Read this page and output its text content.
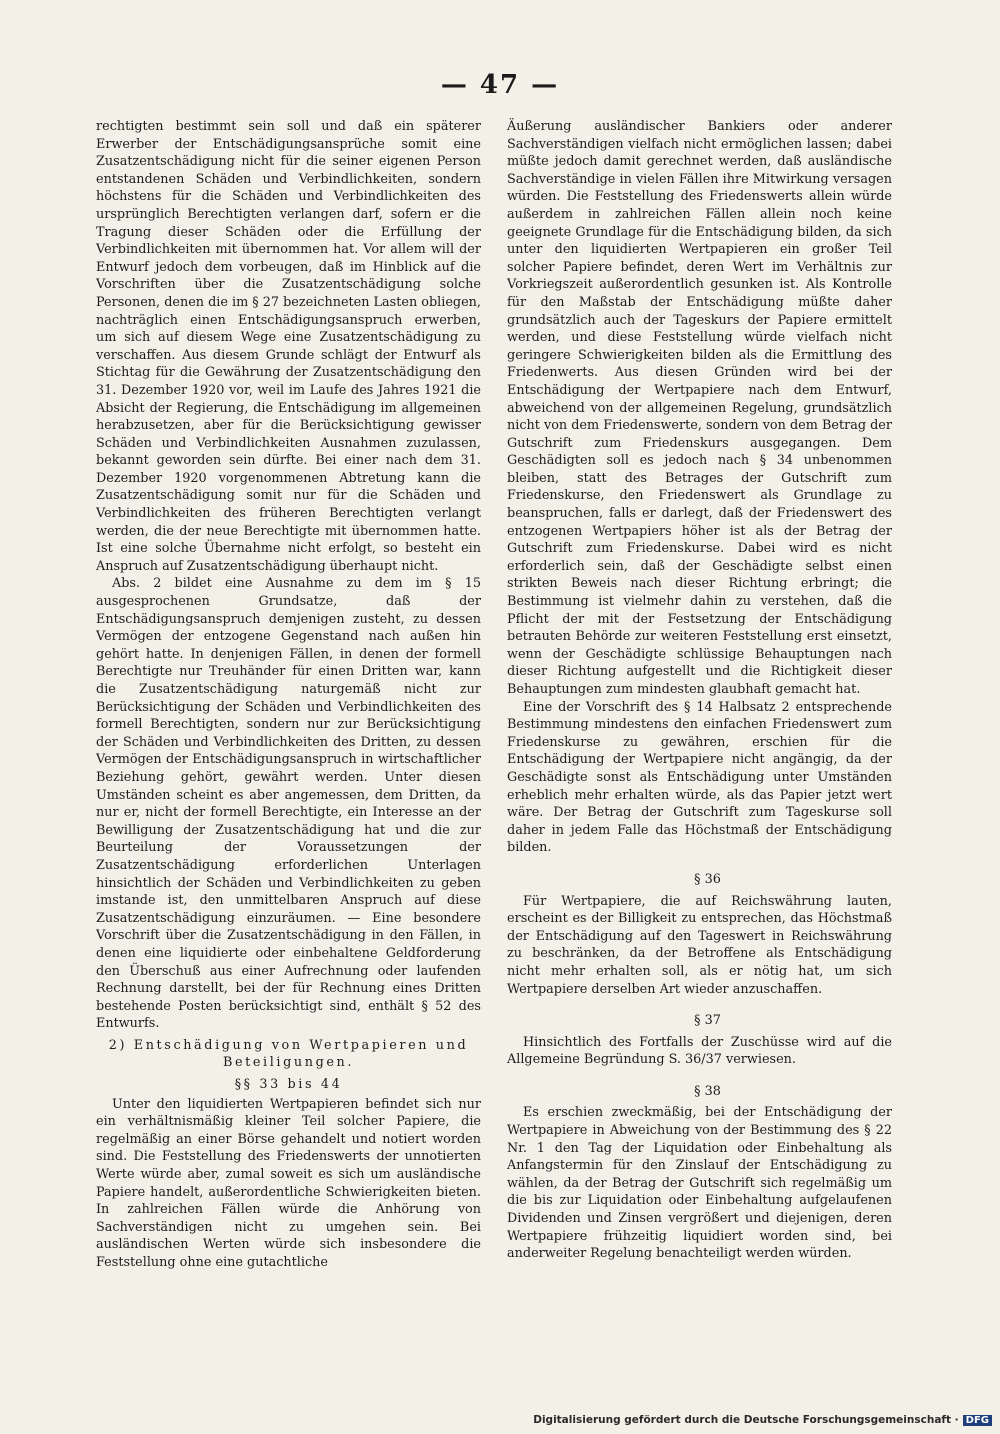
— 47 —

rechtigten bestimmt sein soll und daß ein späterer Erwerber der Entschädigungsansprüche somit eine Zusatzentschädigung nicht für die seiner eigenen Person entstandenen Schäden und Verbindlichkeiten, sondern höchstens für die Schäden und Verbindlichkeiten des ursprünglich Berechtigten verlangen darf, sofern er die Tragung dieser Schäden oder die Erfüllung der Verbindlichkeiten mit übernommen hat. Vor allem will der Entwurf jedoch dem vorbeugen, daß im Hinblick auf die Vorschriften über die Zusatzentschädigung solche Personen, denen die im § 27 bezeichneten Lasten obliegen, nachträglich einen Entschädigungsanspruch erwerben, um sich auf diesem Wege eine Zusatzentschädigung zu verschaffen. Aus diesem Grunde schlägt der Entwurf als Stichtag für die Gewährung der Zusatzentschädigung den 31. Dezember 1920 vor, weil im Laufe des Jahres 1921 die Absicht der Regierung, die Entschädigung im allgemeinen herabzusetzen, aber für die Berücksichtigung gewisser Schäden und Verbindlichkeiten Ausnahmen zuzulassen, bekannt geworden sein dürfte. Bei einer nach dem 31. Dezember 1920 vorgenommenen Abtretung kann die Zusatzentschädigung somit nur für die Schäden und Verbindlichkeiten des früheren Berechtigten verlangt werden, die der neue Berechtigte mit übernommen hatte. Ist eine solche Übernahme nicht erfolgt, so besteht ein Anspruch auf Zusatzentschädigung überhaupt nicht.

Abs. 2 bildet eine Ausnahme zu dem im § 15 ausgesprochenen Grundsatze, daß der Entschädigungsanspruch demjenigen zusteht, zu dessen Vermögen der entzogene Gegenstand nach außen hin gehört hatte. In denjenigen Fällen, in denen der formell Berechtigte nur Treuhänder für einen Dritten war, kann die Zusatzentschädigung naturgemäß nicht zur Berücksichtigung der Schäden und Verbindlichkeiten des formell Berechtigten, sondern nur zur Berücksichtigung der Schäden und Verbindlichkeiten des Dritten, zu dessen Vermögen der Entschädigungsanspruch in wirtschaftlicher Beziehung gehört, gewährt werden. Unter diesen Umständen scheint es aber angemessen, dem Dritten, da nur er, nicht der formell Berechtigte, ein Interesse an der Bewilligung der Zusatzentschädigung hat und die zur Beurteilung der Voraussetzungen der Zusatzentschädigung erforderlichen Unterlagen hinsichtlich der Schäden und Verbindlichkeiten zu geben imstande ist, den unmittelbaren Anspruch auf diese Zusatzentschädigung einzuräumen. — Eine besondere Vorschrift über die Zusatzentschädigung in den Fällen, in denen eine liquidierte oder einbehaltene Geldforderung den Überschuß aus einer Aufrechnung oder laufenden Rechnung darstellt, bei der für Rechnung eines Dritten bestehende Posten berücksichtigt sind, enthält § 52 des Entwurfs.

2) Entschädigung von Wertpapieren und Beteiligungen.

§§ 33 bis 44

Unter den liquidierten Wertpapieren befindet sich nur ein verhältnismäßig kleiner Teil solcher Papiere, die regelmäßig an einer Börse gehandelt und notiert worden sind. Die Feststellung des Friedenswerts der unnotierten Werte würde aber, zumal soweit es sich um ausländische Papiere handelt, außerordentliche Schwierigkeiten bieten. In zahlreichen Fällen würde die Anhörung von Sachverständigen nicht zu umgehen sein. Bei ausländischen Werten würde sich insbesondere die Feststellung ohne eine gutachtliche

Äußerung ausländischer Bankiers oder anderer Sachverständigen vielfach nicht ermöglichen lassen; dabei müßte jedoch damit gerechnet werden, daß ausländische Sachverständige in vielen Fällen ihre Mitwirkung versagen würden. Die Feststellung des Friedenswerts allein würde außerdem in zahlreichen Fällen allein noch keine geeignete Grundlage für die Entschädigung bilden, da sich unter den liquidierten Wertpapieren ein großer Teil solcher Papiere befindet, deren Wert im Verhältnis zur Vorkriegszeit außerordentlich gesunken ist. Als Kontrolle für den Maßstab der Entschädigung müßte daher grundsätzlich auch der Tageskurs der Papiere ermittelt werden, und diese Feststellung würde vielfach nicht geringere Schwierigkeiten bilden als die Ermittlung des Friedenwerts. Aus diesen Gründen wird bei der Entschädigung der Wertpapiere nach dem Entwurf, abweichend von der allgemeinen Regelung, grundsätzlich nicht von dem Friedenswerte, sondern von dem Betrag der Gutschrift zum Friedenskurs ausgegangen. Dem Geschädigten soll es jedoch nach § 34 unbenommen bleiben, statt des Betrages der Gutschrift zum Friedenskurse, den Friedenswert als Grundlage zu beanspruchen, falls er darlegt, daß der Friedenswert des entzogenen Wertpapiers höher ist als der Betrag der Gutschrift zum Friedenskurse. Dabei wird es nicht erforderlich sein, daß der Geschädigte selbst einen strikten Beweis nach dieser Richtung erbringt; die Bestimmung ist vielmehr dahin zu verstehen, daß die Pflicht der mit der Festsetzung der Entschädigung betrauten Behörde zur weiteren Feststellung erst einsetzt, wenn der Geschädigte schlüssige Behauptungen nach dieser Richtung aufgestellt und die Richtigkeit dieser Behauptungen zum mindesten glaubhaft gemacht hat.

Eine der Vorschrift des § 14 Halbsatz 2 entsprechende Bestimmung mindestens den einfachen Friedenswert zum Friedenskurse zu gewähren, erschien für die Entschädigung der Wertpapiere nicht angängig, da der Geschädigte sonst als Entschädigung unter Umständen erheblich mehr erhalten würde, als das Papier jetzt wert wäre. Der Betrag der Gutschrift zum Tageskurse soll daher in jedem Falle das Höchstmaß der Entschädigung bilden.

§ 36

Für Wertpapiere, die auf Reichswährung lauten, erscheint es der Billigkeit zu entsprechen, das Höchstmaß der Entschädigung auf den Tageswert in Reichswährung zu beschränken, da der Betroffene als Entschädigung nicht mehr erhalten soll, als er nötig hat, um sich Wertpapiere derselben Art wieder anzuschaffen.

§ 37

Hinsichtlich des Fortfalls der Zuschüsse wird auf die Allgemeine Begründung S. 36/37 verwiesen.

§ 38

Es erschien zweckmäßig, bei der Entschädigung der Wertpapiere in Abweichung von der Bestimmung des § 22 Nr. 1 den Tag der Liquidation oder Einbehaltung als Anfangstermin für den Zinslauf der Entschädigung zu wählen, da der Betrag der Gutschrift sich regelmäßig um die bis zur Liquidation oder Einbehaltung aufgelaufenen Dividenden und Zinsen vergrößert und diejenigen, deren Wertpapiere frühzeitig liquidiert worden sind, bei anderweiter Regelung benachteiligt werden würden.

Digitalisierung gefördert durch die Deutsche Forschungsgemeinschaft · DFG
